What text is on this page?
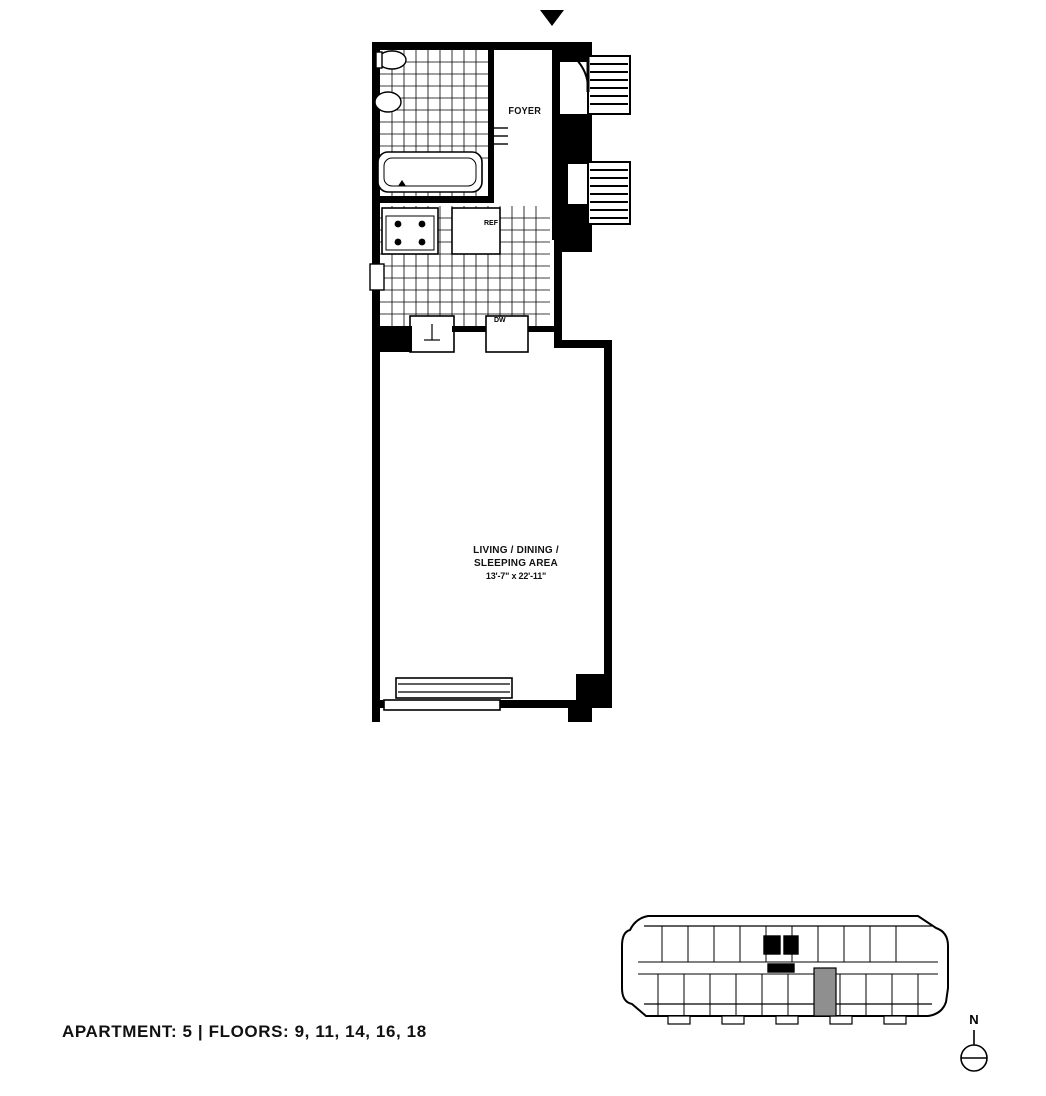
FOYER
LIVING / DINING /
SLEEPING AREA
13'-7" x 22'-11"
REF
DW
APARTMENT: 5 | FLOORS: 9, 11, 14, 16, 18
N
